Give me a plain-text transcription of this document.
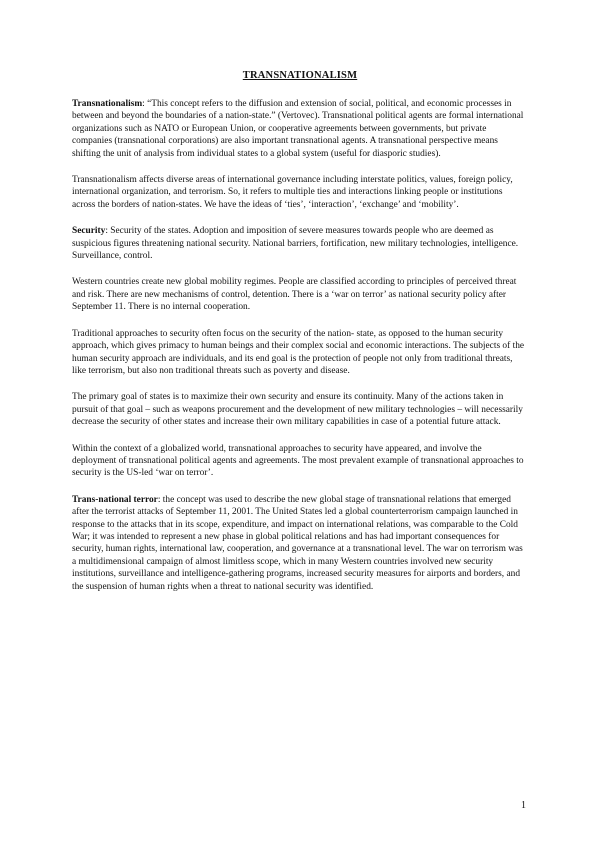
TRANSNATIONALISM

Transnationalism: “This concept refers to the diffusion and extension of social, political, and economic processes in between and beyond the boundaries of a nation-state.” (Vertovec). Transnational political agents are formal international organizations such as NATO or European Union, or cooperative agreements between governments, but private companies (transnational corporations) are also important transnational agents. A transnational perspective means shifting the unit of analysis from individual states to a global system (useful for diasporic studies).

Transnationalism affects diverse areas of international governance including interstate politics, values, foreign policy, international organization, and terrorism. So, it refers to multiple ties and interactions linking people or institutions across the borders of nation-states. We have the ideas of ‘ties’, ‘interaction’, ‘exchange’ and ‘mobility’.

Security: Security of the states. Adoption and imposition of severe measures towards people who are deemed as suspicious figures threatening national security. National barriers, fortification, new military technologies, intelligence. Surveillance, control.

Western countries create new global mobility regimes. People are classified according to principles of perceived threat and risk. There are new mechanisms of control, detention. There is a ‘war on terror’ as national security policy after September 11. There is no internal cooperation.

Traditional approaches to security often focus on the security of the nation- state, as opposed to the human security approach, which gives primacy to human beings and their complex social and economic interactions. The subjects of the human security approach are individuals, and its end goal is the protection of people not only from traditional threats, like terrorism, but also non traditional threats such as poverty and disease.

The primary goal of states is to maximize their own security and ensure its continuity. Many of the actions taken in pursuit of that goal – such as weapons procurement and the development of new military technologies – will necessarily decrease the security of other states and increase their own military capabilities in case of a potential future attack.

Within the context of a globalized world, transnational approaches to security have appeared, and involve the deployment of transnational political agents and agreements. The most prevalent example of transnational approaches to security is the US-led ‘war on terror’.

Trans-national terror: the concept was used to describe the new global stage of transnational relations that emerged after the terrorist attacks of September 11, 2001. The United States led a global counterterrorism campaign launched in response to the attacks that in its scope, expenditure, and impact on international relations, was comparable to the Cold War; it was intended to represent a new phase in global political relations and has had important consequences for security, human rights, international law, cooperation, and governance at a transnational level. The war on terrorism was a multidimensional campaign of almost limitless scope, which in many Western countries involved new security institutions, surveillance and intelligence-gathering programs, increased security measures for airports and borders, and the suspension of human rights when a threat to national security was identified.

1
